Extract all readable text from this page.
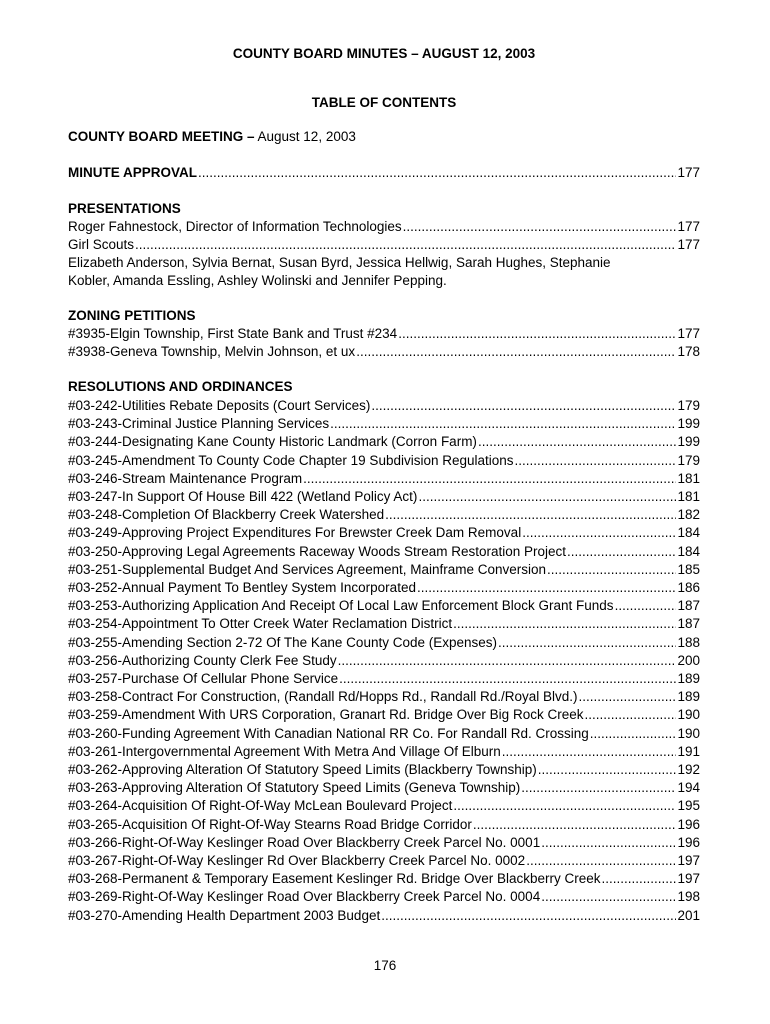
COUNTY BOARD MINUTES – AUGUST 12, 2003
TABLE OF CONTENTS
COUNTY BOARD MEETING – August 12, 2003
MINUTE APPROVAL .....	177
PRESENTATIONS
Roger Fahnestock, Director of Information Technologies .....	177
Girl Scouts .....	177
Elizabeth Anderson, Sylvia Bernat, Susan Byrd, Jessica Hellwig, Sarah Hughes, Stephanie
Kobler, Amanda Essling, Ashley Wolinski and Jennifer Pepping.
ZONING PETITIONS
#3935-Elgin Township, First State Bank and Trust #234 .....	177
#3938-Geneva Township, Melvin Johnson, et ux .....	178
RESOLUTIONS AND ORDINANCES
#03-242-Utilities Rebate Deposits (Court Services) .....	179
#03-243-Criminal Justice Planning Services .....	199
#03-244-Designating Kane County Historic Landmark (Corron Farm) .....	199
#03-245-Amendment To County Code Chapter 19 Subdivision Regulations .....	179
#03-246-Stream Maintenance Program .....	181
#03-247-In Support Of House Bill 422 (Wetland Policy Act) .....	181
#03-248-Completion Of Blackberry Creek Watershed .....	182
#03-249-Approving Project Expenditures For Brewster Creek Dam Removal .....	184
#03-250-Approving Legal Agreements Raceway Woods Stream Restoration Project .....	184
#03-251-Supplemental Budget And Services Agreement, Mainframe Conversion .....	185
#03-252-Annual Payment To Bentley System Incorporated .....	186
#03-253-Authorizing Application And Receipt Of Local Law Enforcement Block Grant Funds .....	187
#03-254-Appointment To Otter Creek Water Reclamation District .....	187
#03-255-Amending Section 2-72 Of The Kane County Code (Expenses) .....	188
#03-256-Authorizing County Clerk Fee Study .....	200
#03-257-Purchase Of Cellular Phone Service .....	189
#03-258-Contract For Construction, (Randall Rd/Hopps Rd., Randall Rd./Royal Blvd.) .....	189
#03-259-Amendment With URS Corporation, Granart Rd. Bridge Over Big Rock Creek .....	190
#03-260-Funding Agreement With Canadian National RR Co. For Randall Rd. Crossing .....	190
#03-261-Intergovernmental Agreement With Metra And Village Of Elburn .....	191
#03-262-Approving Alteration Of Statutory Speed Limits (Blackberry Township) .....	192
#03-263-Approving Alteration Of Statutory Speed Limits (Geneva Township) .....	194
#03-264-Acquisition Of Right-Of-Way McLean Boulevard Project .....	195
#03-265-Acquisition Of Right-Of-Way Stearns Road Bridge Corridor .....	196
#03-266-Right-Of-Way Keslinger Road Over Blackberry Creek Parcel No. 0001 .....	196
#03-267-Right-Of-Way Keslinger Rd Over Blackberry Creek Parcel No. 0002 .....	197
#03-268-Permanent & Temporary Easement Keslinger Rd. Bridge Over Blackberry Creek .....	197
#03-269-Right-Of-Way Keslinger Road Over Blackberry Creek Parcel No. 0004 .....	198
#03-270-Amending Health Department 2003 Budget .....	201
176
